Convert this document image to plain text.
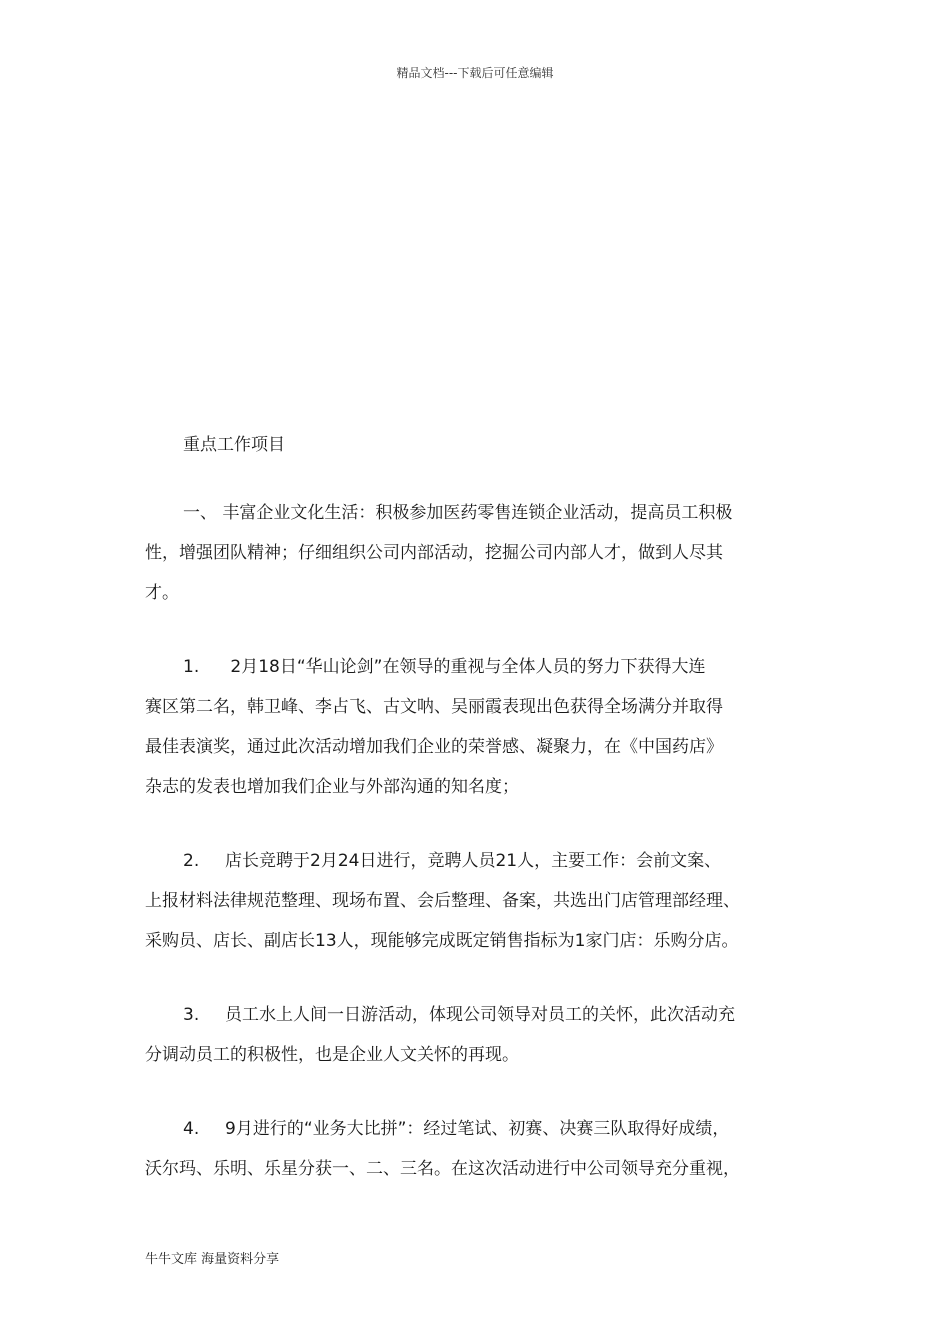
精品文档---下载后可任意编辑
重点工作项目
一、 丰富企业文化生活：积极参加医药零售连锁企业活动，提高员工积极
性，增强团队精神；仔细组织公司内部活动，挖掘公司内部人才，做到人尽其
才。
1. 2月18日“华山论剑”在领导的重视与全体人员的努力下获得大连
赛区第二名，韩卫峰、李占飞、古文呐、吴丽霞表现出色获得全场满分并取得
最佳表演奖，通过此次活动增加我们企业的荣誉感、凝聚力，在《中国药店》
杂志的发表也增加我们企业与外部沟通的知名度；
2. 店长竞聘于2月24日进行，竞聘人员21人，主要工作：会前文案、
上报材料法律规范整理、现场布置、会后整理、备案，共选出门店管理部经理、
采购员、店长、副店长13人，现能够完成既定销售指标为1家门店：乐购分店。
3. 员工水上人间一日游活动，体现公司领导对员工的关怀，此次活动充
分调动员工的积极性，也是企业人文关怀的再现。
4. 9月进行的“业务大比拼”：经过笔试、初赛、决赛三队取得好成绩，
沃尔玛、乐明、乐星分获一、二、三名。在这次活动进行中公司领导充分重视，
牛牛文库 海量资料分享
